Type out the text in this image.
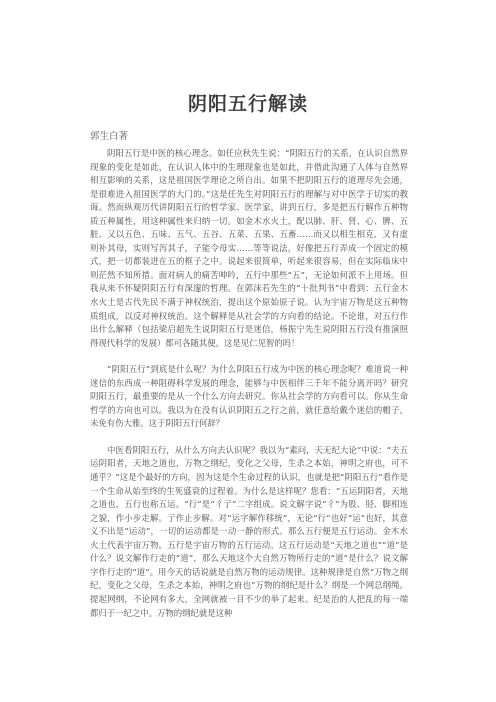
阴阳五行解读
郭生白著

阴阳五行是中医的核心理念。如任应秋先生说：“阴阳五行的关系，在认识自然界现象的变化是如此，在认识人体中的生理现象也是如此，并借此沟通了人体与自然界相互影响的关系，这是祖国医学理论之所自出。如果不把阴阳五行的道理尽先会通，是很难进入祖国医学的大门的。”这是任先生对阴阳五行的理解与对中医学于切实的教诲。然而纵观历代讲阴阳五行的哲学家、医学家，讲到五行，多是把五行解作五种物质五种属性，用这种属性来归纳一切。如金木水火土，配以肺、肝、肾、心、脾、五脏、又以五色、五味、五气、五谷、五菜、五果、五畜……而又以相生相克，又有虚则补其母，实则写泻其子，子能令母实……等等说法，好像把五行弄成一个固定的模式，把一切都装进在五的框子之中。说起来很简单，听起来很容易，但在实际临床中则茫然不知所措。面对病人的痛苦呻吟，五行中那些“五”，无论如何派不上用场。但我从来不怀疑阴阳五行有深邃的哲理。在郭沫若先生的“十批判书”中看到：五行金木水火土是古代先民不满于神权统治，提出这个原始原子说。认为宇宙万物是这五种物质组成，以反对神权统治。这个解释是从社会学的方向看的结论。不论谁，对五行作出什么解释（包括梁启超先生说阴阳五行是迷信，杨振宁先生说阴阳五行没有推演照得现代科学的发展）都可各随其便。这是见仁见智的吗！

“阴阳五行”到底是什么呢？为什么阴阳五行成为中医的核心理念呢？难道说一种迷信的东西成一种阻碍科学发展的理念，能够与中医相伴三千年不能分离开吗？研究阴阳五行，最重要的是从一个什么方向去研究。你从社会学的方向看可以。你从生命哲学的方向也可以。我以为在没有认识阴阳五之行之前，就任意给戴个迷信的帽子，未免有伤大雅。这于阴阳五行何辞？

中医看阴阳五行，从什么方向去认识呢？我以为“素问，天无纪大论”中说：“夫五运阴阳者，天地之道也，万物之纲纪，变化之父母，生杀之本始，神明之府也，可不通乎？”这是个最好的方向，因为这是个生命过程的认识，也就是把“阴阳五行”看作是一个生命从始至终的生死盛衰的过程着。为什么是这样呢？您看：“五运阴阳者，天地之道也，五行也称五运。“行”是“彳亍”二字组成。说文解字说“彳”为股、胫、脚相连之貌，作小步走解。亍作止步解。对“运字解作移统”，无论“行”也好“运”也好，其意义不出是“运动”，一切的运动都是一动一静的形式。那么五行便是五行运动。金木水火土代表宇宙万物。五行是宇宙万物的五行运动。这五行运动是“天地之道也”“道”是什么？说文解作行走的“道”，那么天地这个大自然万物所行走的“道”是什么？说文解字作行走的“道”。用今天的话说就是自然万物的运动规律。这种规律是自然“万物之纲纪，变化之父母，生杀之本始，神明之府也”万物的纲纪是什么？纲是一个网总纲绳。提起网纲，不论网有多大，全网就被一目不少的举了起来。纪是治的人把乱的每一端都归于一纪之中。万物的纲纪就是这种
